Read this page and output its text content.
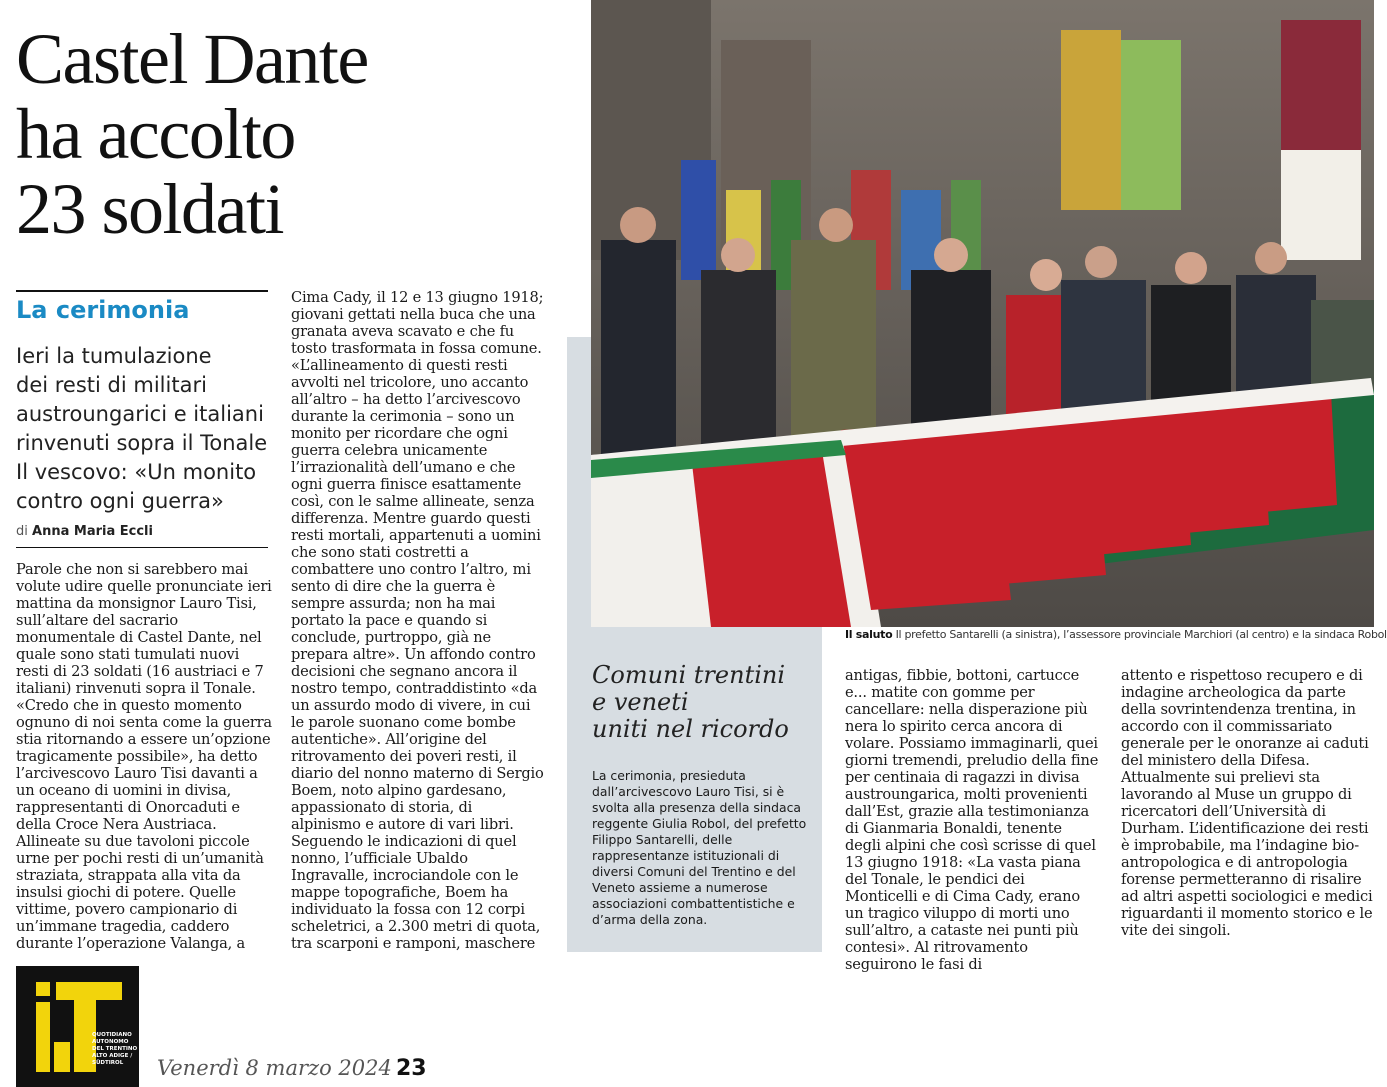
Castel Dante
ha accolto
23 soldati
La cerimonia
Ieri la tumulazione
dei resti di militari
austroungarici e italiani
rinvenuti sopra il Tonale
Il vescovo: «Un monito
contro ogni guerra»
di Anna Maria Eccli
Parole che non si sarebbero mai volute udire quelle pronunciate ieri mattina da monsignor Lauro Tisi, sull’altare del sacrario monumentale di Castel Dante, nel quale sono stati tumulati nuovi resti di 23 soldati (16 austriaci e 7 italiani) rinvenuti sopra il Tonale. «Credo che in questo momento ognuno di noi senta come la guerra stia ritornando a essere un’opzione tragicamente possibile», ha detto l’arcivescovo Lauro Tisi davanti a un oceano di uomini in divisa, rappresentanti di Onorcaduti e della Croce Nera Austriaca. Allineate su due tavoloni piccole urne per pochi resti di un’umanità straziata, strappata alla vita da insulsi giochi di potere. Quelle vittime, povero campionario di un’immane tragedia, caddero durante l’operazione Valanga, a
Cima Cady, il 12 e 13 giugno 1918; giovani gettati nella buca che una granata aveva scavato e che fu tosto trasformata in fossa comune. «L’allineamento di questi resti avvolti nel tricolore, uno accanto all’altro – ha detto l’arcivescovo durante la cerimonia – sono un monito per ricordare che ogni guerra celebra unicamente l’irrazionalità dell’umano e che ogni guerra finisce esattamente così, con le salme allineate, senza differenza. Mentre guardo questi resti mortali, appartenuti a uomini che sono stati costretti a combattere uno contro l’altro, mi sento di dire che la guerra è sempre assurda; non ha mai portato la pace e quando si conclude, purtroppo, già ne prepara altre». Un affondo contro decisioni che segnano ancora il nostro tempo, contraddistinto «da un assurdo modo di vivere, in cui le parole suonano come bombe autentiche». All’origine del ritrovamento dei poveri resti, il diario del nonno materno di Sergio Boem, noto alpino gardesano, appassionato di storia, di alpinismo e autore di vari libri. Seguendo le indicazioni di quel nonno, l’ufficiale Ubaldo Ingravalle, incrociandole con le mappe topografiche, Boem ha individuato la fossa con 12 corpi scheletrici, a 2.300 metri di quota, tra scarponi e ramponi, maschere
Il saluto Il prefetto Santarelli (a sinistra), l’assessore provinciale Marchiori (al centro) e la sindaca Robol
Comuni trentini
e veneti
uniti nel ricordo
La cerimonia, presieduta dall’arcivescovo Lauro Tisi, si è svolta alla presenza della sindaca reggente Giulia Robol, del prefetto Filippo Santarelli, delle rappresentanze istituzionali di diversi Comuni del Trentino e del Veneto assieme a numerose associazioni combattentistiche e d’arma della zona.
antigas, fibbie, bottoni, cartucce e... matite con gomme per cancellare: nella disperazione più nera lo spirito cerca ancora di volare. Possiamo immaginarli, quei giorni tremendi, preludio della fine per centinaia di ragazzi in divisa austroungarica, molti provenienti dall’Est, grazie alla testimonianza di Gianmaria Bonaldi, tenente degli alpini che così scrisse di quel 13 giugno 1918: «La vasta piana del Tonale, le pendici dei Monticelli e di Cima Cady, erano un tragico viluppo di morti uno sull’altro, a cataste nei punti più contesi». Al ritrovamento seguirono le fasi di
attento e rispettoso recupero e di indagine archeologica da parte della sovrintendenza trentina, in accordo con il commissariato generale per le onoranze ai caduti del ministero della Difesa. Attualmente sui prelievi sta lavorando al Muse un gruppo di ricercatori dell’Università di Durham. L’identificazione dei resti è improbabile, ma l’indagine bio-antropologica e di antropologia forense permetteranno di risalire ad altri aspetti sociologici e medici riguardanti il momento storico e le vite dei singoli.
QUOTIDIANO
AUTONOMO
DEL TRENTINO
ALTO ADIGE /
SÜDTIROL	Venerdì 8 marzo 2024 23
